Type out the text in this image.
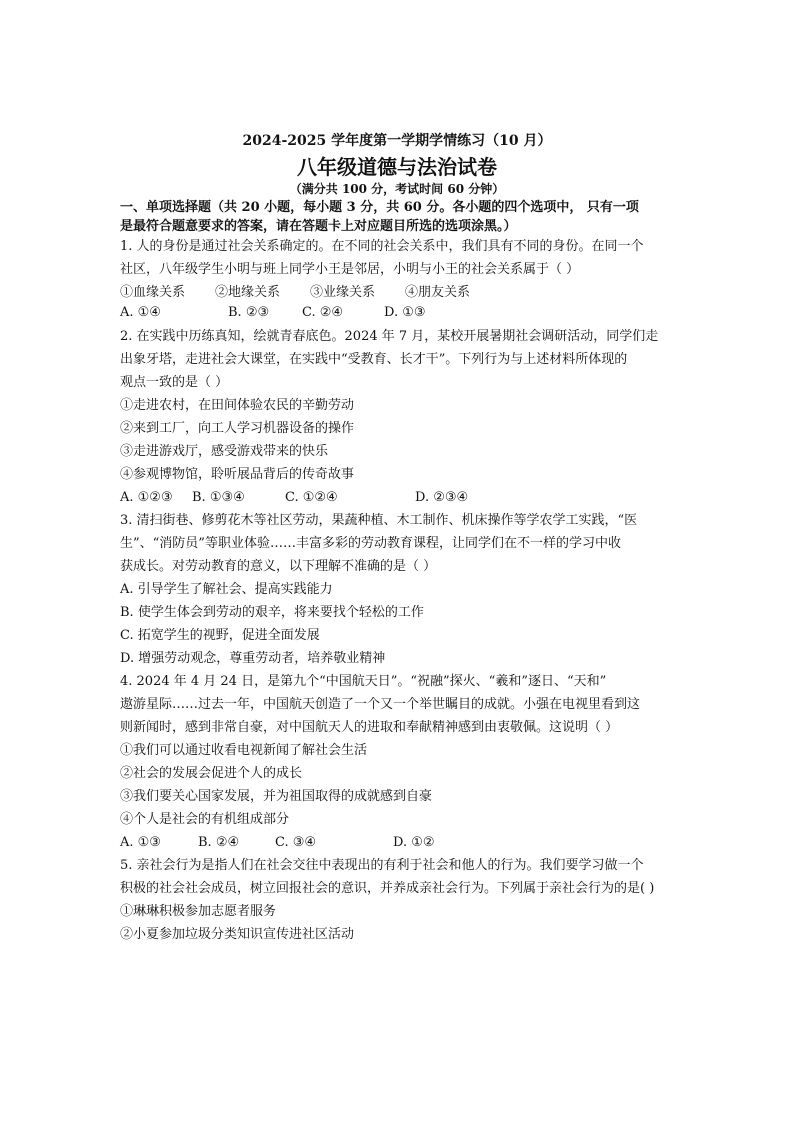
2024-2025 学年度第一学期学情练习（10 月）
八年级道德与法治试卷
（满分共 100 分，考试时间 60 分钟）
一、单项选择题（共 20 小题，每小题 3 分，共 60 分。各小题的四个选项中， 只有一项
是最符合题意要求的答案，请在答题卡上对应题目所选的选项涂黑。）
1. 人的身份是通过社会关系确定的。在不同的社会关系中，我们具有不同的身份。在同一个
社区，八年级学生小明与班上同学小王是邻居，小明与小王的社会关系属于（ ）
①血缘关系 ②地缘关系 ③业缘关系 ④朋友关系
A. ①④	B. ②③	C. ②④	D. ①③
2. 在实践中历练真知，绘就青春底色。2024 年 7 月，某校开展暑期社会调研活动，同学们走
出象牙塔，走进社会大课堂，在实践中“受教育、长才干”。下列行为与上述材料所体现的
观点一致的是（ ）
①走进农村，在田间体验农民的辛勤劳动
②来到工厂，向工人学习机器设备的操作
③走进游戏厅，感受游戏带来的快乐
④参观博物馆，聆听展品背后的传奇故事
A. ①②③ B. ①③④	C. ①②④	D. ②③④
3. 清扫街巷、修剪花木等社区劳动，果蔬种植、木工制作、机床操作等学农学工实践，“医
生”、“消防员”等职业体验……丰富多彩的劳动教育课程，让同学们在不一样的学习中收
获成长。对劳动教育的意义，以下理解不准确的是（ ）
A. 引导学生了解社会、提高实践能力
B. 使学生体会到劳动的艰辛，将来要找个轻松的工作
C. 拓宽学生的视野，促进全面发展
D. 增强劳动观念，尊重劳动者，培养敬业精神
4. 2024 年 4 月 24 日，是第九个“中国航天日”。“祝融”探火、“羲和”逐日、“天和”
遨游星际……过去一年，中国航天创造了一个又一个举世瞩目的成就。小强在电视里看到这
则新闻时，感到非常自豪，对中国航天人的进取和奉献精神感到由衷敬佩。这说明（ ）
①我们可以通过收看电视新闻了解社会生活
②社会的发展会促进个人的成长
③我们要关心国家发展，并为祖国取得的成就感到自豪
④个人是社会的有机组成部分
A. ①③	B. ②④	C. ③④	D. ①②
5. 亲社会行为是指人们在社会交往中表现出的有利于社会和他人的行为。我们要学习做一个
积极的社会社会成员，树立回报社会的意识，并养成亲社会行为。下列属于亲社会行为的是( )
①琳琳积极参加志愿者服务
②小夏参加垃圾分类知识宣传进社区活动
